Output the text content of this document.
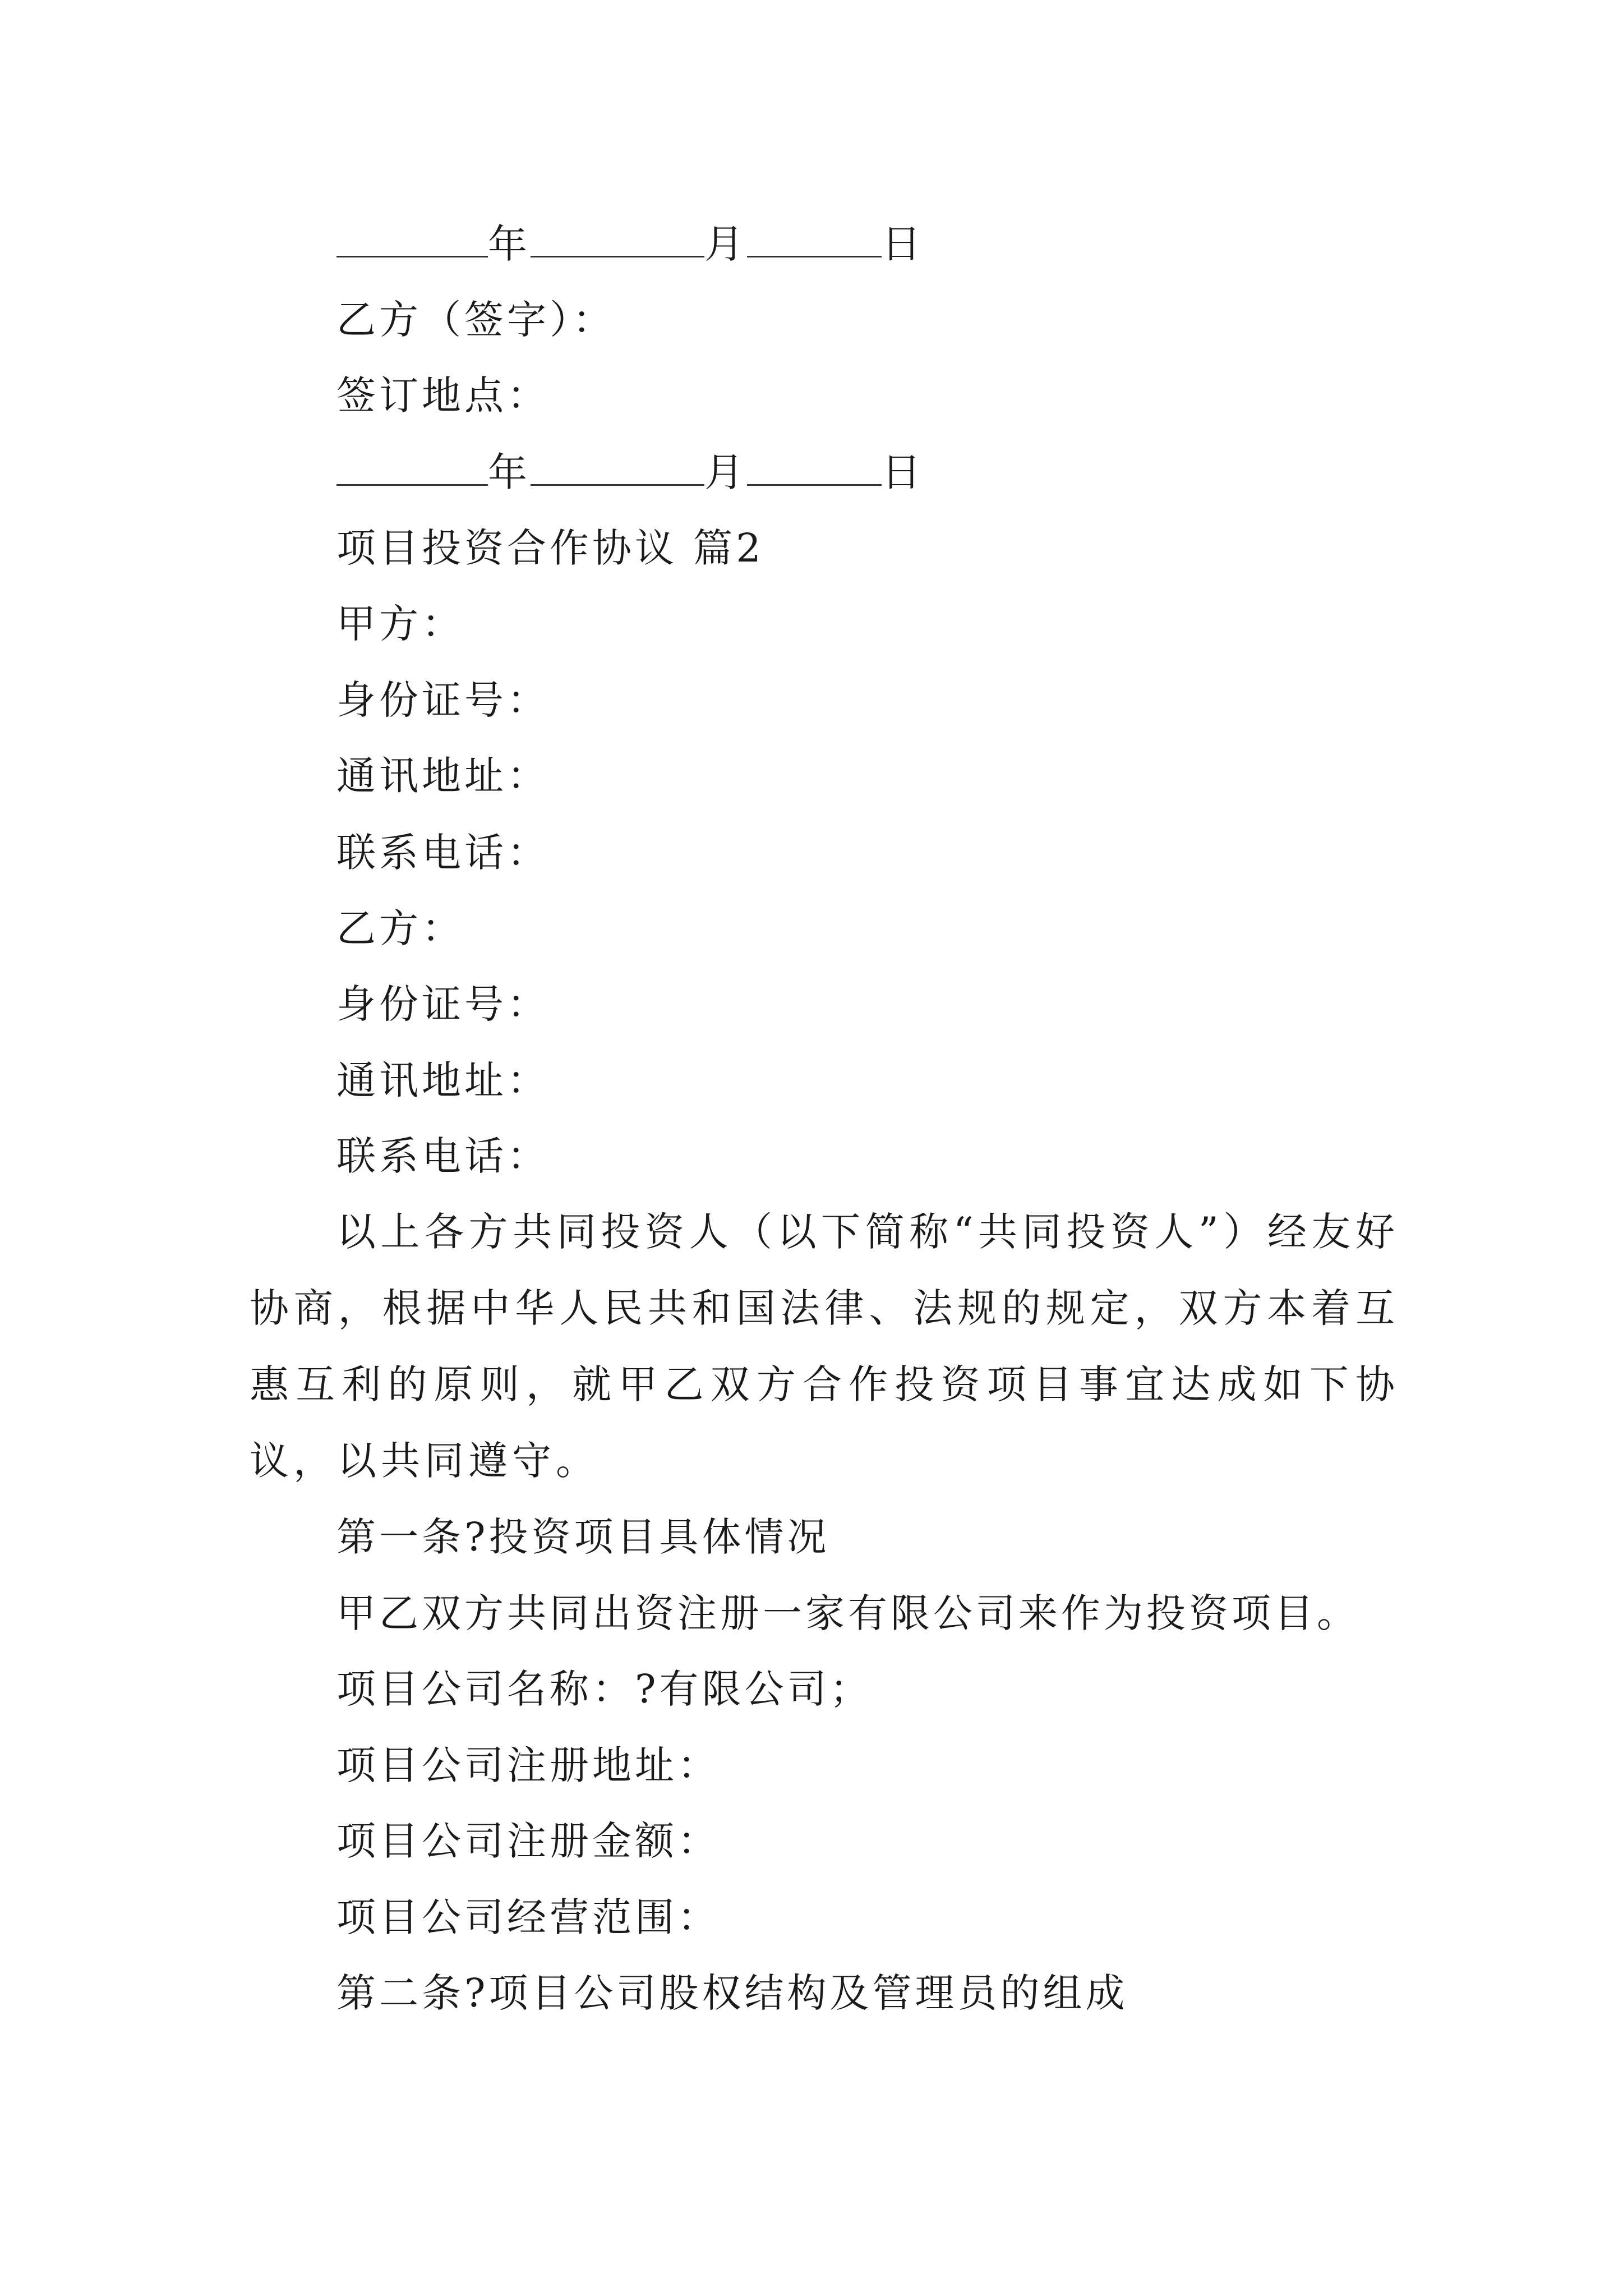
年	月	日
乙方（签字）：
签订地点：
年	月	日
项目投资合作协议 篇2
甲方：
身份证号：
通讯地址：
联系电话：
乙方：
身份证号：
通讯地址：
联系电话：
以上各方共同投资人（以下简称“共同投资人”）经友好协商，根据中华人民共和国法律、法规的规定，双方本着互惠互利的原则，就甲乙双方合作投资项目事宜达成如下协议，以共同遵守。
第一条?投资项目具体情况
甲乙双方共同出资注册一家有限公司来作为投资项目。
项目公司名称：?有限公司；
项目公司注册地址：
项目公司注册金额：
项目公司经营范围：
第二条?项目公司股权结构及管理员的组成
